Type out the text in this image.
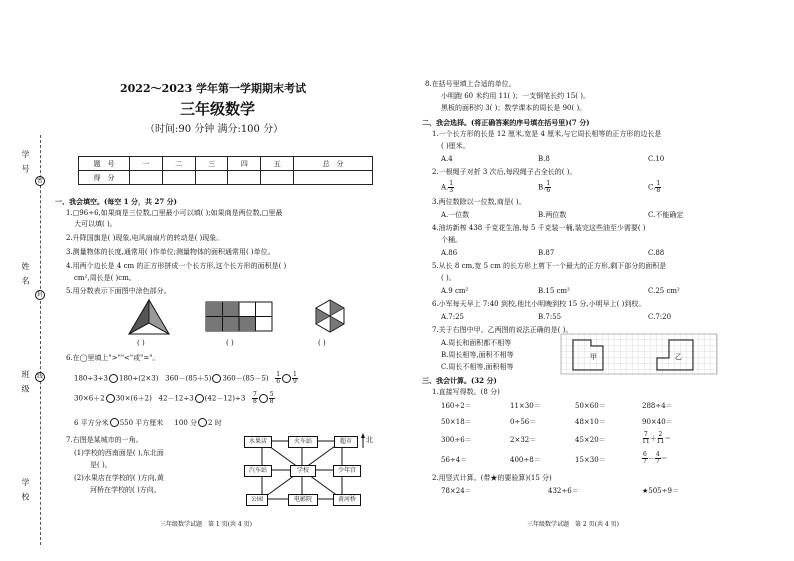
学 号
姓 名
班 级
学 校
密
封
线
2022～2023 学年第一学期期末考试
三年级数学
（时间:90 分钟 满分:100 分）
题　号	一	二	三	四	五	总　分
得　分						
一、我会填空。(每空 1 分，共 27 分)
1.□96÷6,如果商是三位数,□里最小可以填( );如果商是两位数,□里最
大可以填( )。
2.升降国旗是( )现象,电风扇扇片的转动是( )现象。
3.测量物体的长度,通常用( )作单位;测量物体的面积通常用( )单位。
4.用两个边长是 4 cm 的正方形拼成一个长方形,这个长方形的面积是( )
cm²,周长是( )cm。
5.用分数表示下面图中涂色部分。
( )	( )	( )
6.在◯里填上">""<"或"="。
180÷3÷3 180÷(2×3) 360－(85＋5) $360-(85-5) \frac{1}{6} \frac{1}{9}$
30×6＋2 30×(6＋2) 42－12÷3 $(42-12)\div 3 \frac{7}{8} \frac{5}{8}$
6 平方分米 550 平方厘米 100 分 2 时
7.右图是某城市的一角。
(1)学校的西南面是( ),东北面
是( )。
(2)水果店在学校的( )方向,黄
河桥在学校的( )方向。
水果店	火车站	超市	北
汽车站	学校	少年宫
公园	电影院	黄河桥
三年级数学试题　第 1 页(共 4 页)
8.在括号里填上合适的单位。
小明跑 60 米约用 11( )；一支钢笔长约 15( )。
黑板的面积约 3( )；数学课本的周长是 90( )。
二、我会选择。(将正确答案的序号填在括号里)(7 分)
1.一个长方形的长是 12 厘米,宽是 4 厘米,与它周长相等的正方形的边长是
( )厘米。
A.4	B.8	C.10
2.一根绳子对折 3 次后,每段绳子占全长的( )。
A. $\frac{1}{3}$	B. $\frac{1}{6}$	C. $\frac{1}{8}$
3.两位数除以一位数,商是( )。
A.一位数	B.两位数	C.不能确定
4.油坊新榨 438 千克花生油,每 5 千克装一桶,装完这些油至少需要( )
个桶。
A.86	B.87	C.88
5.从长 8 cm,宽 5 cm 的长方形上剪下一个最大的正方形,剩下部分的面积是
( )。
A.9 cm²	B.15 cm²	C.25 cm²
6.小军每天早上 7:40 到校,他比小明晚到校 15 分,小明早上( )到校。
A.7:25	B.7:55	C.7:20
7.关于右图中甲、乙两图的说法正确的是( )。
A.周长和面积都不相等
B.周长相等,面积不相等
C.周长不相等,面积相等
甲	乙
三、我会计算。(32 分)
1.直接写得数。(8 分)
160÷2＝	11×30＝	50×60＝	288÷4＝
50×18＝	0÷56＝	48×10＝	90×40＝
300÷6＝	2×32＝	45×20＝	$\frac{7}{11} + \frac{2}{11}$ ＝
56÷4＝	400÷8＝	15×30＝	$\frac{6}{7} - \frac{4}{7}$ ＝
2.用竖式计算。(带★的要验算)(15 分)
78×24＝	432÷6＝	★505÷9＝
三年级数学试题　第 2 页(共 4 页)
